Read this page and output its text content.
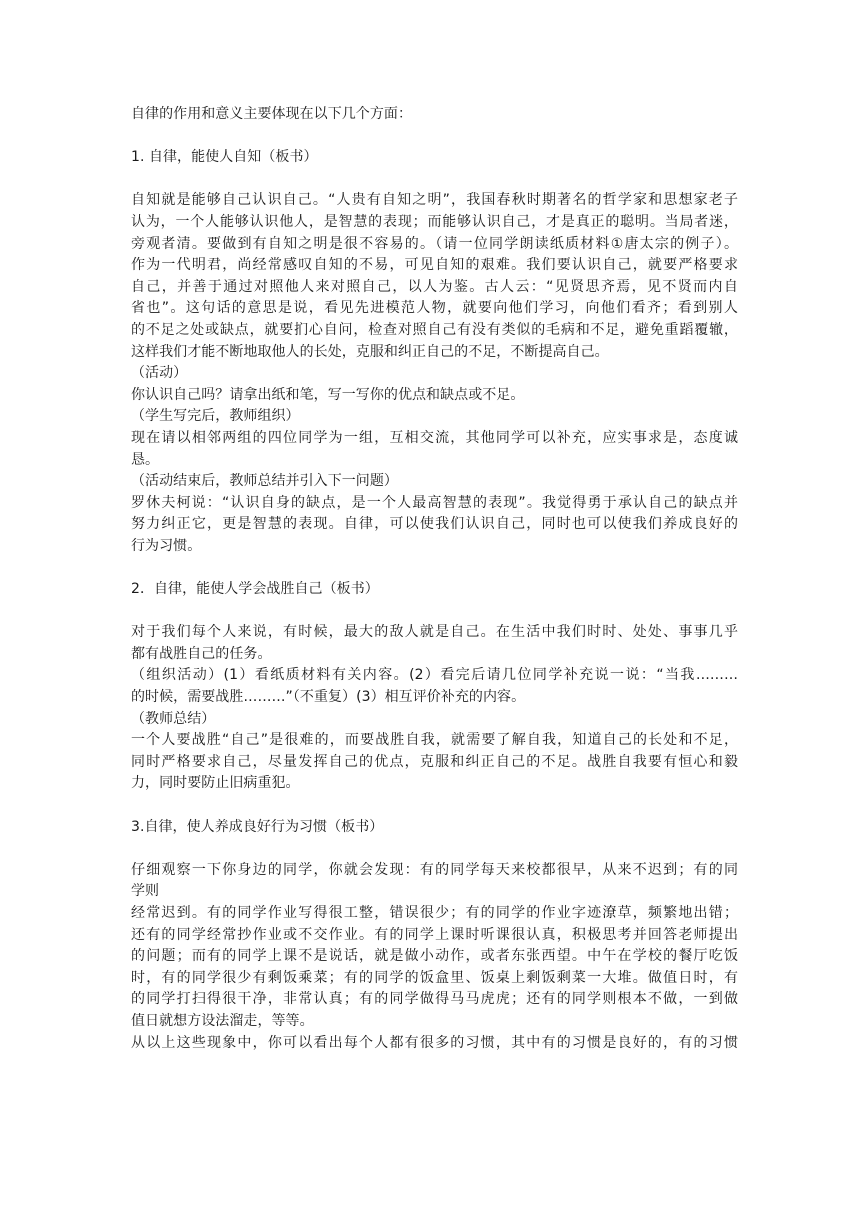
自律的作用和意义主要体现在以下几个方面：
1. 自律，能使人自知（板书）
自知就是能够自己认识自己。“人贵有自知之明”，我国春秋时期著名的哲学家和思想家老子
认为，一个人能够认识他人，是智慧的表现；而能够认识自己，才是真正的聪明。当局者迷，
旁观者清。要做到有自知之明是很不容易的。（请一位同学朗读纸质材料①唐太宗的例子）。
作为一代明君，尚经常感叹自知的不易，可见自知的艰难。我们要认识自己，就要严格要求
自己，并善于通过对照他人来对照自己，以人为鉴。古人云：“见贤思齐焉，见不贤而内自
省也”。这句话的意思是说，看见先进模范人物，就要向他们学习，向他们看齐；看到别人
的不足之处或缺点，就要扪心自问，检查对照自己有没有类似的毛病和不足，避免重蹈覆辙，
这样我们才能不断地取他人的长处，克服和纠正自己的不足，不断提高自己。
（活动）
你认识自己吗？请拿出纸和笔，写一写你的优点和缺点或不足。
（学生写完后，教师组织）
现在请以相邻两组的四位同学为一组，互相交流，其他同学可以补充，应实事求是，态度诚
恳。
（活动结束后，教师总结并引入下一问题）
罗休夫柯说：“认识自身的缺点，是一个人最高智慧的表现”。我觉得勇于承认自己的缺点并
努力纠正它，更是智慧的表现。自律，可以使我们认识自己，同时也可以使我们养成良好的
行为习惯。
2．自律，能使人学会战胜自己（板书）
对于我们每个人来说，有时候，最大的敌人就是自己。在生活中我们时时、处处、事事几乎
都有战胜自己的任务。
（组织活动）(1）看纸质材料有关内容。(2）看完后请几位同学补充说一说：“当我………
的时候，需要战胜………”（不重复）(3）相互评价补充的内容。
（教师总结）
一个人要战胜“自己”是很难的，而要战胜自我，就需要了解自我，知道自己的长处和不足，
同时严格要求自己，尽量发挥自己的优点，克服和纠正自己的不足。战胜自我要有恒心和毅
力，同时要防止旧病重犯。
3.自律，使人养成良好行为习惯（板书）
仔细观察一下你身边的同学，你就会发现：有的同学每天来校都很早，从来不迟到；有的同
学则
经常迟到。有的同学作业写得很工整，错误很少；有的同学的作业字迹潦草，频繁地出错；
还有的同学经常抄作业或不交作业。有的同学上课时听课很认真，积极思考并回答老师提出
的问题；而有的同学上课不是说话，就是做小动作，或者东张西望。中午在学校的餐厅吃饭
时，有的同学很少有剩饭乘菜；有的同学的饭盒里、饭桌上剩饭剩菜一大堆。做值日时，有
的同学打扫得很干净，非常认真；有的同学做得马马虎虎；还有的同学则根本不做，一到做
值日就想方设法溜走，等等。
从以上这些现象中，你可以看出每个人都有很多的习惯，其中有的习惯是良好的，有的习惯
